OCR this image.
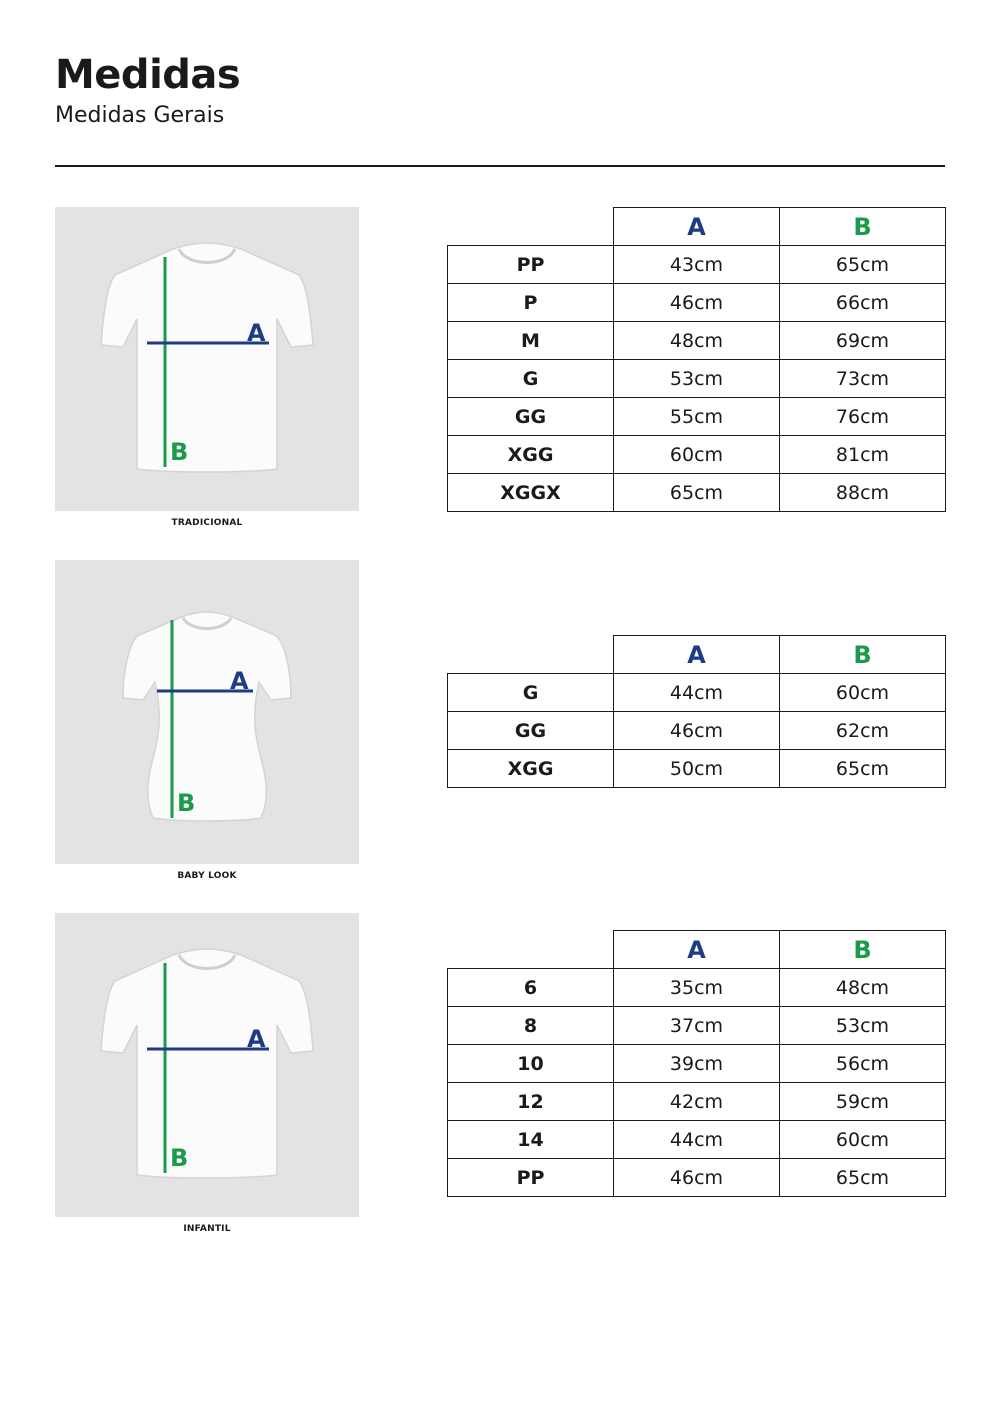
Medidas

Medidas Gerais

A
B
TRADICIONAL
	A	B
PP	43cm	65cm
P	46cm	66cm
M	48cm	69cm
G	53cm	73cm
GG	55cm	76cm
XGG	60cm	81cm
XGGX	65cm	88cm
A
B
BABY LOOK
	A	B
G	44cm	60cm
GG	46cm	62cm
XGG	50cm	65cm
A
B
INFANTIL
	A	B
6	35cm	48cm
8	37cm	53cm
10	39cm	56cm
12	42cm	59cm
14	44cm	60cm
PP	46cm	65cm
